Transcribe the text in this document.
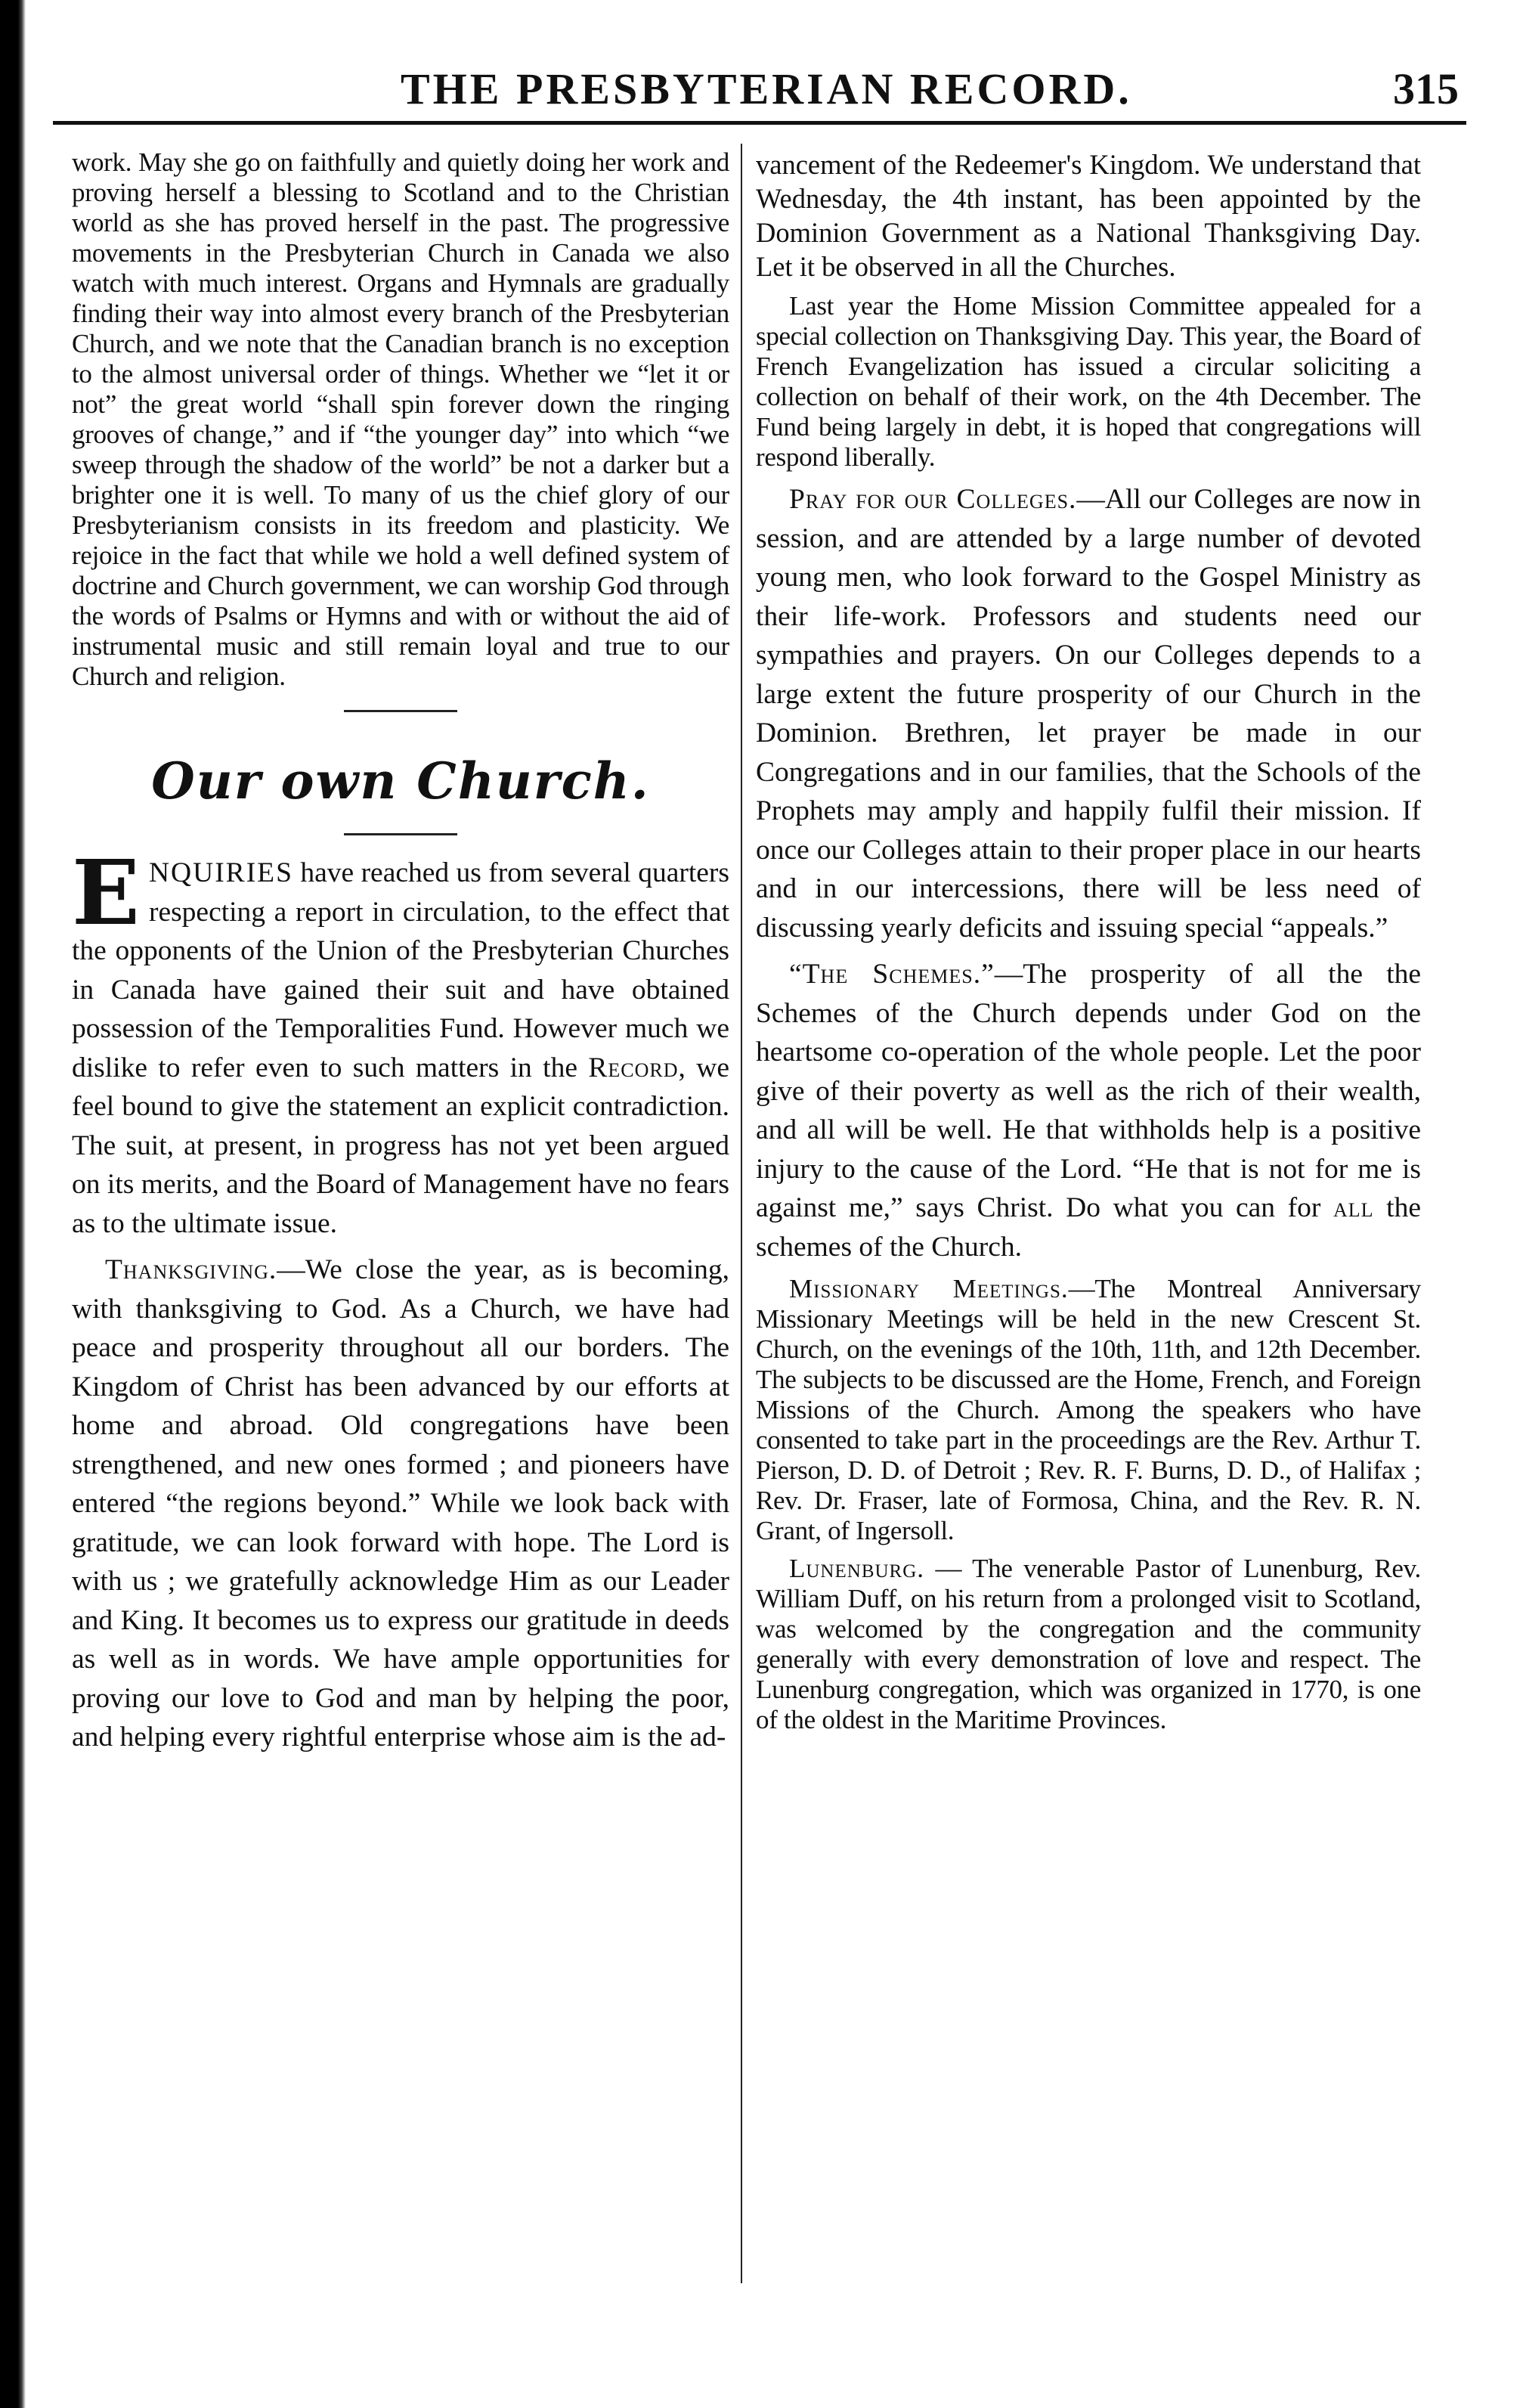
THE PRESBYTERIAN RECORD.	315

work. May she go on faithfully and quietly doing her work and proving herself a blessing to Scotland and to the Christian world as she has proved herself in the past. The progressive movements in the Presbyterian Church in Canada we also watch with much interest. Organs and Hymnals are gradually finding their way into almost every branch of the Presbyterian Church, and we note that the Canadian branch is no exception to the almost universal order of things. Whether we “let it or not” the great world “shall spin forever down the ringing grooves of change,” and if “the younger day” into which “we sweep through the shadow of the world” be not a darker but a brighter one it is well. To many of us the chief glory of our Presbyterianism consists in its freedom and plasticity. We rejoice in the fact that while we hold a well defined system of doctrine and Church government, we can worship God through the words of Psalms or Hymns and with or without the aid of instrumental music and still remain loyal and true to our Church and religion.

Our own Church.

ENQUIRIES have reached us from several quarters respecting a report in circulation, to the effect that the opponents of the Union of the Presbyterian Churches in Canada have gained their suit and have obtained possession of the Temporalities Fund. However much we dislike to refer even to such matters in the Record, we feel bound to give the statement an explicit contradiction. The suit, at present, in progress has not yet been argued on its merits, and the Board of Management have no fears as to the ultimate issue.

Thanksgiving.—We close the year, as is becoming, with thanksgiving to God. As a Church, we have had peace and prosperity throughout all our borders. The Kingdom of Christ has been advanced by our efforts at home and abroad. Old congregations have been strengthened, and new ones formed ; and pioneers have entered “the regions beyond.” While we look back with gratitude, we can look forward with hope. The Lord is with us ; we gratefully acknowledge Him as our Leader and King. It becomes us to express our gratitude in deeds as well as in words. We have ample opportunities for proving our love to God and man by helping the poor, and helping every rightful enterprise whose aim is the ad-

vancement of the Redeemer's Kingdom. We understand that Wednesday, the 4th instant, has been appointed by the Dominion Government as a National Thanksgiving Day. Let it be observed in all the Churches.

Last year the Home Mission Committee appealed for a special collection on Thanksgiving Day. This year, the Board of French Evangelization has issued a circular soliciting a collection on behalf of their work, on the 4th December. The Fund being largely in debt, it is hoped that congregations will respond liberally.

Pray for our Colleges.—All our Colleges are now in session, and are attended by a large number of devoted young men, who look forward to the Gospel Ministry as their life-work. Professors and students need our sympathies and prayers. On our Colleges depends to a large extent the future prosperity of our Church in the Dominion. Brethren, let prayer be made in our Congregations and in our families, that the Schools of the Prophets may amply and happily fulfil their mission. If once our Colleges attain to their proper place in our hearts and in our intercessions, there will be less need of discussing yearly deficits and issuing special “appeals.”

“The Schemes.”—The prosperity of all the the Schemes of the Church depends under God on the heartsome co-operation of the whole people. Let the poor give of their poverty as well as the rich of their wealth, and all will be well. He that withholds help is a positive injury to the cause of the Lord. “He that is not for me is against me,” says Christ. Do what you can for all the schemes of the Church.

Missionary Meetings.—The Montreal Anniversary Missionary Meetings will be held in the new Crescent St. Church, on the evenings of the 10th, 11th, and 12th December. The subjects to be discussed are the Home, French, and Foreign Missions of the Church. Among the speakers who have consented to take part in the proceedings are the Rev. Arthur T. Pierson, D. D. of Detroit ; Rev. R. F. Burns, D. D., of Halifax ; Rev. Dr. Fraser, late of Formosa, China, and the Rev. R. N. Grant, of Ingersoll.

Lunenburg. — The venerable Pastor of Lunenburg, Rev. William Duff, on his return from a prolonged visit to Scotland, was welcomed by the congregation and the community generally with every demonstration of love and respect. The Lunenburg congregation, which was organized in 1770, is one of the oldest in the Maritime Provinces.
